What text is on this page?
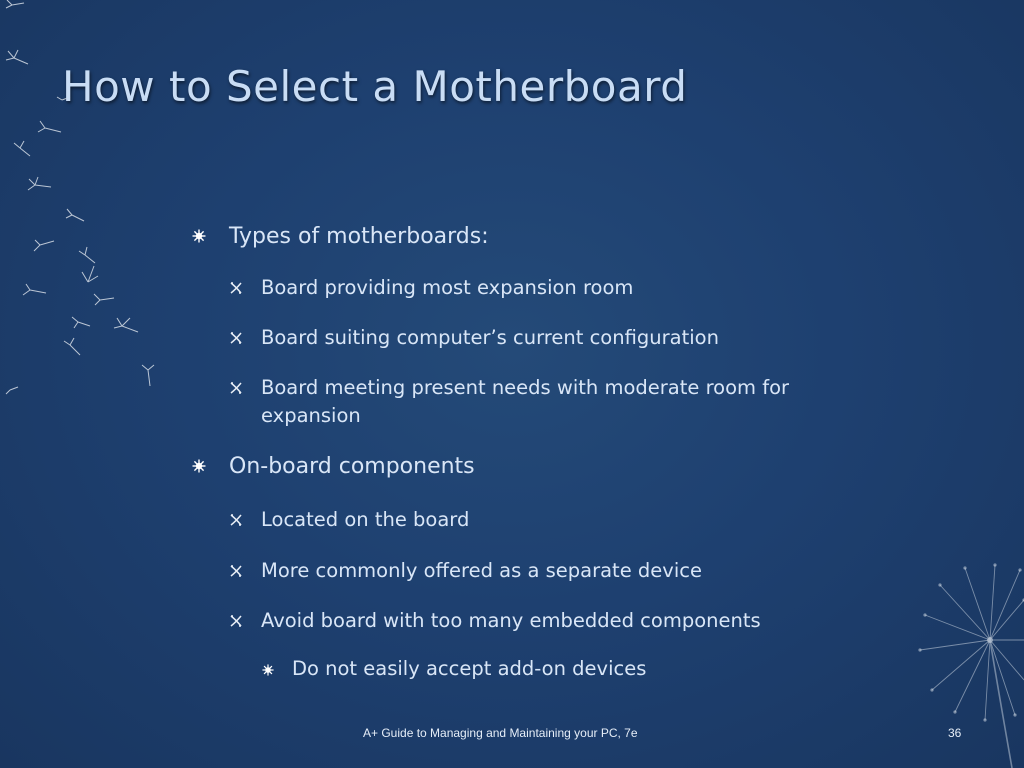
How to Select a Motherboard
Types of motherboards:
Board providing most expansion room
Board suiting computer’s current configuration
Board meeting present needs with moderate room for expansion
On-board components
Located on the board
More commonly offered as a separate device
Avoid board with too many embedded components
Do not easily accept add-on devices
A+ Guide to Managing and Maintaining your PC, 7e	36
